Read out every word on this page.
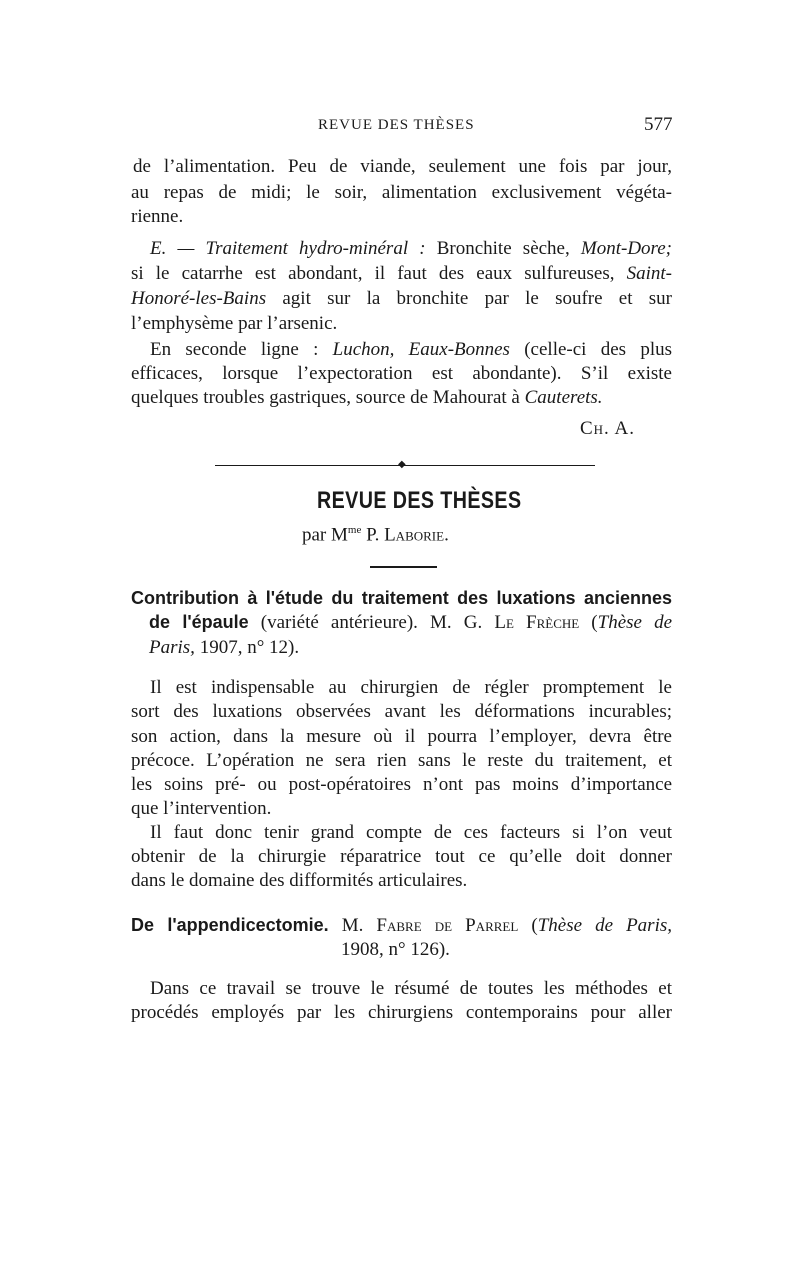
REVUE DES THÈSES	577
de l’alimentation. Peu de viande, seulement une fois par jour,
au repas de midi; le soir, alimentation exclusivement végéta-
rienne.
E. — Traitement hydro-minéral : Bronchite sèche, Mont-Dore;
si le catarrhe est abondant, il faut des eaux sulfureuses, Saint-
Honoré-les-Bains agit sur la bronchite par le soufre et sur
l’emphysème par l’arsenic.
En seconde ligne : Luchon, Eaux-Bonnes (celle-ci des plus
efficaces, lorsque l’expectoration est abondante). S’il existe
quelques troubles gastriques, source de Mahourat à Cauterets.
Ch. A.
◆
REVUE DES THÈSES
par $M^{me}$ P. Laborie.
Contribution à l'étude du traitement des luxations anciennes
de l'épaule (variété antérieure). M. G. Le Frèche (Thèse de
Paris, 1907, n° 12).
Il est indispensable au chirurgien de régler promptement le
sort des luxations observées avant les déformations incurables;
son action, dans la mesure où il pourra l’employer, devra être
précoce. L’opération ne sera rien sans le reste du traitement, et
les soins pré- ou post-opératoires n’ont pas moins d’importance
que l’intervention.
Il faut donc tenir grand compte de ces facteurs si l’on veut
obtenir de la chirurgie réparatrice tout ce qu’elle doit donner
dans le domaine des difformités articulaires.
De l'appendicectomie. M. Fabre de Parrel (Thèse de Paris,
1908, n° 126).
Dans ce travail se trouve le résumé de toutes les méthodes et
procédés employés par les chirurgiens contemporains pour aller
